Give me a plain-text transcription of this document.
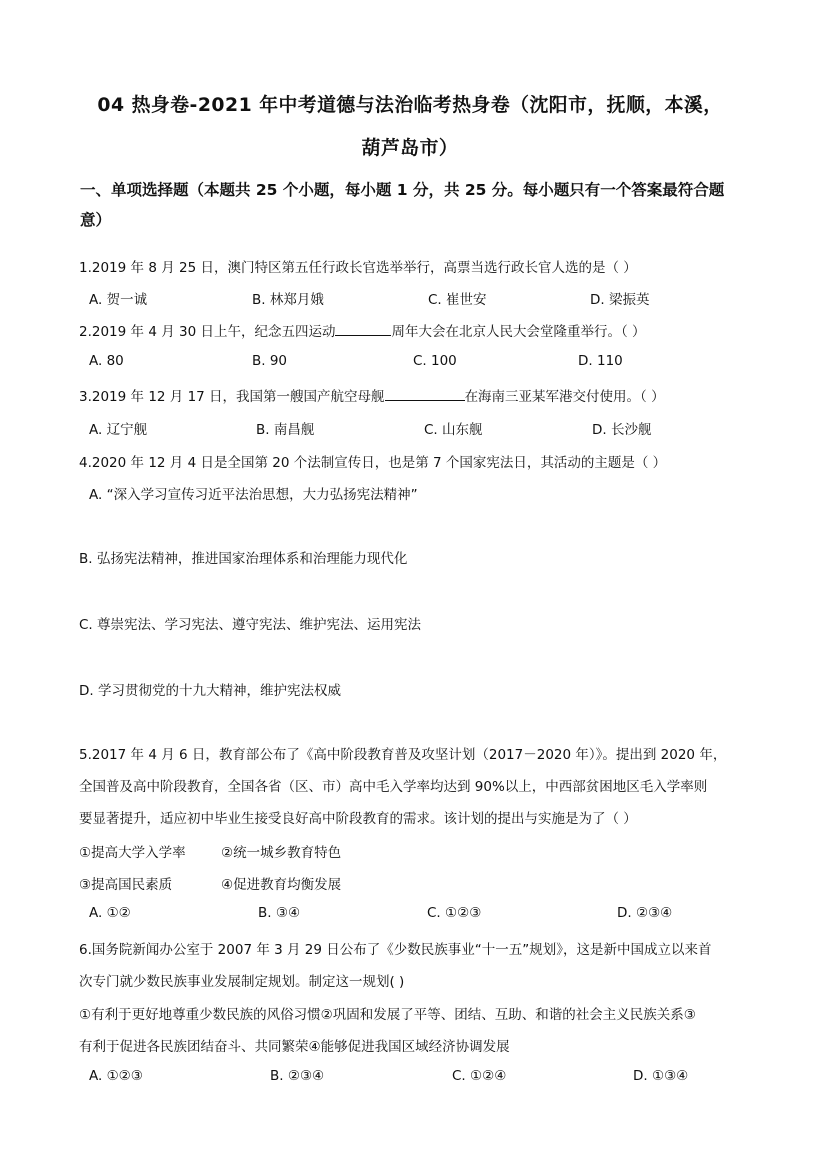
04 热身卷-2021 年中考道德与法治临考热身卷（沈阳市，抚顺，本溪，
葫芦岛市）
一、单项选择题（本题共 25 个小题，每小题 1 分，共 25 分。每小题只有一个答案最符合题
意）
1.2019 年 8 月 25 日，澳门特区第五任行政长官选举举行，高票当选行政长官人选的是（ ）
A. 贺一诚	B. 林郑月娥	C. 崔世安	D. 梁振英
2.2019 年 4 月 30 日上午，纪念五四运动	周年大会在北京人民大会堂隆重举行。（ ）
A. 80	B. 90	C. 100	D. 110
3.2019 年 12 月 17 日，我国第一艘国产航空母舰	在海南三亚某军港交付使用。（ ）
A. 辽宁舰	B. 南昌舰	C. 山东舰	D. 长沙舰
4.2020 年 12 月 4 日是全国第 20 个法制宣传日，也是第 7 个国家宪法日，其活动的主题是（ ）
A. “深入学习宣传习近平法治思想，大力弘扬宪法精神”
B. 弘扬宪法精神，推进国家治理体系和治理能力现代化
C. 尊崇宪法、学习宪法、遵守宪法、维护宪法、运用宪法
D. 学习贯彻党的十九大精神，维护宪法权威
5.2017 年 4 月 6 日，教育部公布了《高中阶段教育普及攻坚计划（2017－2020 年）》。提出到 2020 年，
全国普及高中阶段教育，全国各省（区、市）高中毛入学率均达到 90%以上，中西部贫困地区毛入学率则
要显著提升，适应初中毕业生接受良好高中阶段教育的需求。该计划的提出与实施是为了（ ）
①提高大学入学率	②统一城乡教育特色
③提高国民素质	④促进教育均衡发展
A. ①②	B. ③④	C. ①②③	D. ②③④
6.国务院新闻办公室于 2007 年 3 月 29 日公布了《少数民族事业“十一五”规划》，这是新中国成立以来首
次专门就少数民族事业发展制定规划。制定这一规划( )
①有利于更好地尊重少数民族的风俗习惯②巩固和发展了平等、团结、互助、和谐的社会主义民族关系③
有利于促进各民族团结奋斗、共同繁荣④能够促进我国区域经济协调发展
A. ①②③	B. ②③④	C. ①②④	D. ①③④
